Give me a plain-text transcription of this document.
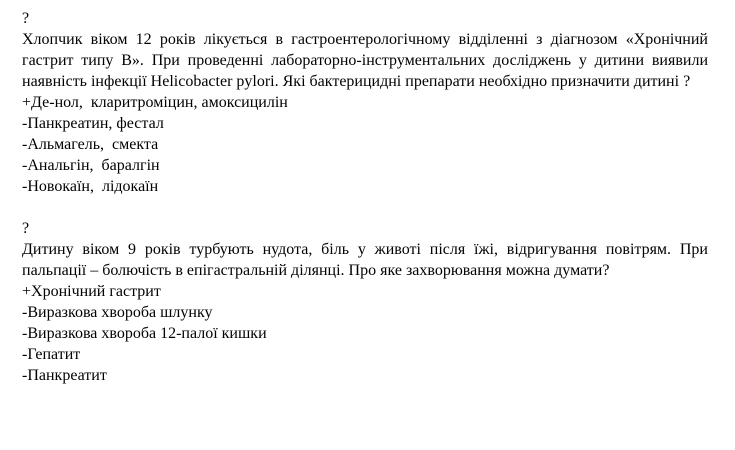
?
Хлопчик віком 12 років лікується в гастроентерологічному відділенні з діагнозом «Хронічний гастрит типу В». При проведенні лабораторно-інструментальних досліджень у дитини виявили наявність інфекції Helicobacter pylori. Які бактерицидні препарати необхідно призначити дитині ?
+Де-нол,  кларитроміцин, амоксицилін
-Панкреатин, фестал
-Альмагель,  смекта
-Анальгін,  баралгін
-Новокаїн,  лідокаїн
?
Дитину віком 9 років турбують нудота, біль у животі після їжі, відригування повітрям. При пальпації – болючість в епігастральній ділянці. Про яке захворювання можна думати?
+Хронічний гастрит
-Виразкова хвороба шлунку
-Виразкова хвороба 12-палої кишки
-Гепатит
-Панкреатит
